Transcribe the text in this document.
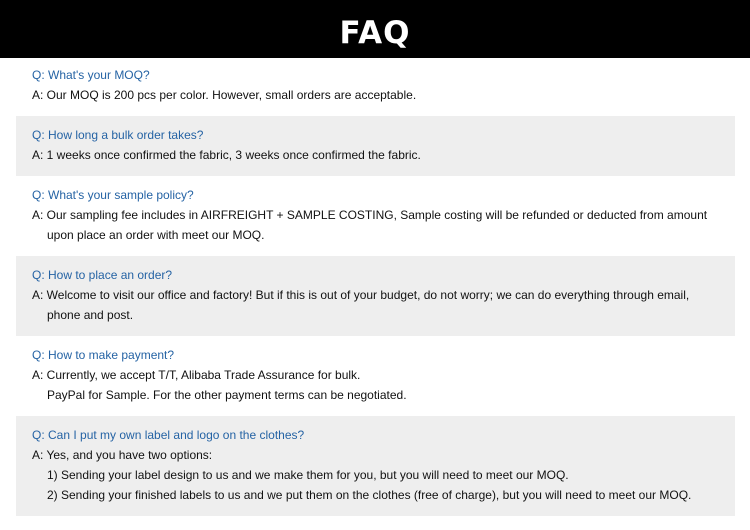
FAQ
Q: What's your MOQ?
A: Our MOQ is 200 pcs per color. However, small orders are acceptable.
Q: How long a bulk order takes?
A: 1 weeks once confirmed the fabric, 3 weeks once confirmed the fabric.
Q: What's your sample policy?
A: Our sampling fee includes in AIRFREIGHT + SAMPLE COSTING, Sample costing will be refunded or deducted from amount
upon place an order with meet our MOQ.
Q: How to place an order?
A: Welcome to visit our office and factory! But if this is out of your budget, do not worry; we can do everything through email,
phone and post.
Q: How to make payment?
A: Currently, we accept T/T, Alibaba Trade Assurance for bulk.
PayPal for Sample. For the other payment terms can be negotiated.
Q: Can I put my own label and logo on the clothes?
A: Yes, and you have two options:
1) Sending your label design to us and we make them for you, but you will need to meet our MOQ.
2) Sending your finished labels to us and we put them on the clothes (free of charge), but you will need to meet our MOQ.
